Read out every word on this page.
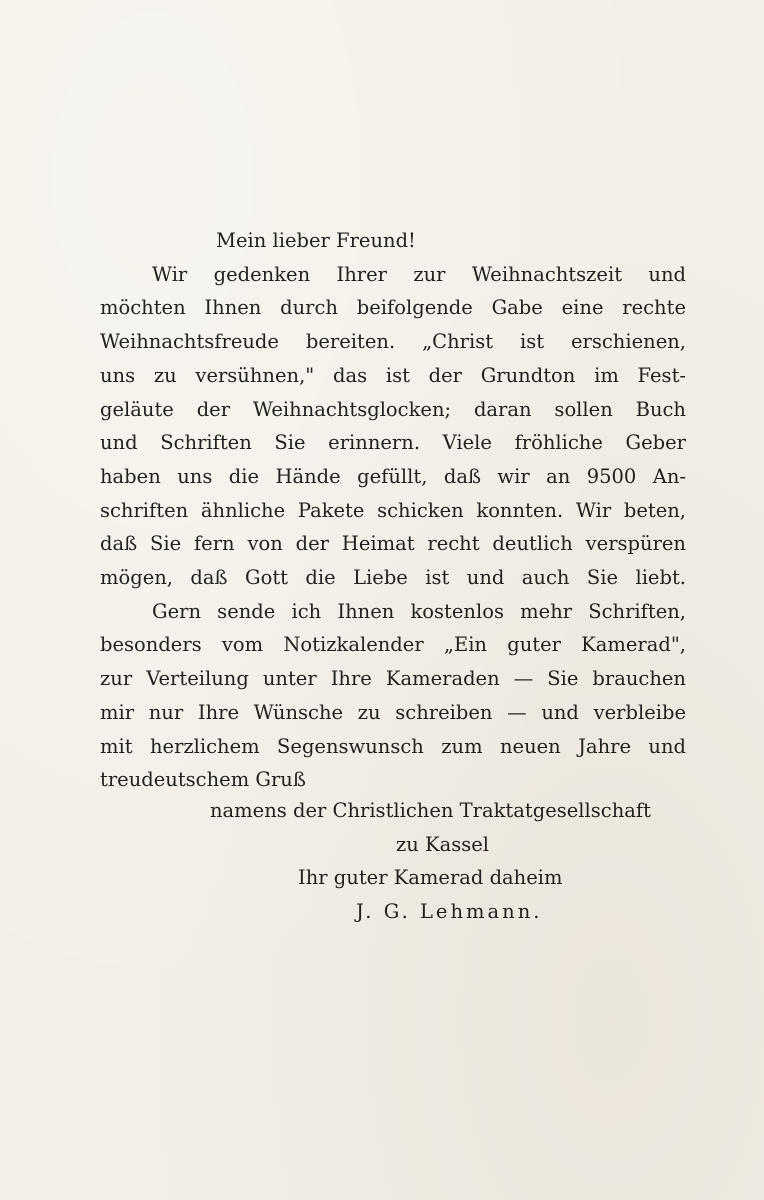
Mein lieber Freund!
Wir gedenken Ihrer zur Weihnachtszeit und
möchten Ihnen durch beifolgende Gabe eine rechte
Weihnachtsfreude bereiten. „Christ ist erschienen,
uns zu versühnen," das ist der Grundton im Fest-
geläute der Weihnachtsglocken; daran sollen Buch
und Schriften Sie erinnern. Viele fröhliche Geber
haben uns die Hände gefüllt, daß wir an 9500 An-
schriften ähnliche Pakete schicken konnten. Wir beten,
daß Sie fern von der Heimat recht deutlich verspüren
mögen, daß Gott die Liebe ist und auch Sie liebt.
Gern sende ich Ihnen kostenlos mehr Schriften,
besonders vom Notizkalender „Ein guter Kamerad",
zur Verteilung unter Ihre Kameraden — Sie brauchen
mir nur Ihre Wünsche zu schreiben — und verbleibe
mit herzlichem Segenswunsch zum neuen Jahre und
treudeutschem Gruß
namens der Christlichen Traktatgesellschaft
zu Kassel
Ihr guter Kamerad daheim
J. G. Lehmann.
